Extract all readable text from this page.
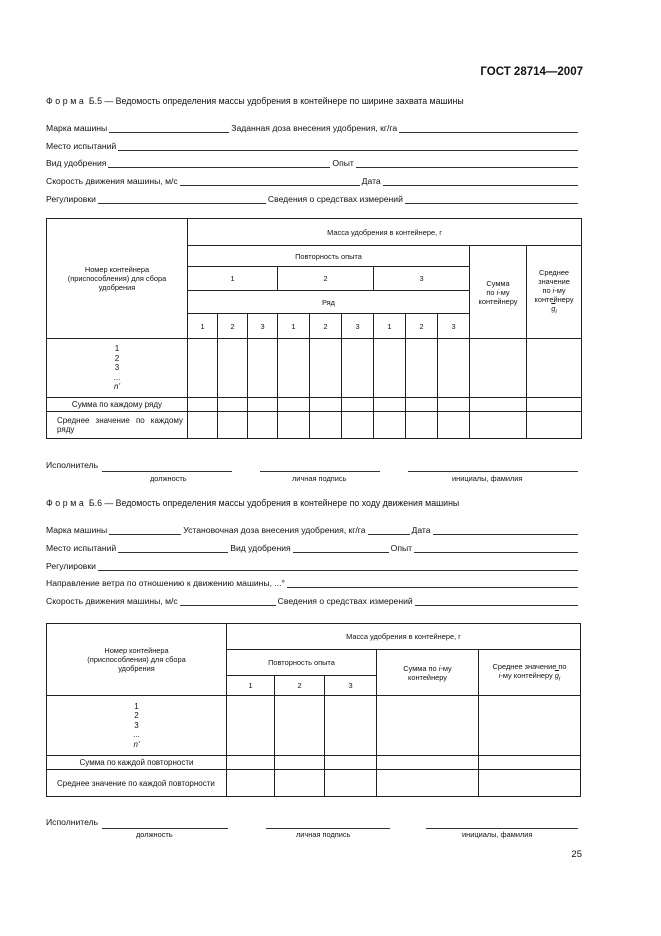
ГОСТ 28714—2007
Форма Б.5 — Ведомость определения массы удобрения в контейнере по ширине захвата машины
Марка машины	Заданная доза внесения удобрения, кг/га
Место испытаний
Вид удобрения	Опыт
Скорость движения машины, м/с	Дата
Регулировки	Сведения о средствах измерений
Номер контейнера (приспособления) для сбора удобрения	Масса удобрения в контейнере, г										
	Повторность опыта									Сумма
по i-му
контейнеру	Среднее
значение
по i-му
контейнеру
$\overline{g}_i$
	1			2			3				
	Ряд										
	1	2	3	1	2	3	1	2	3		

1
2
3
...
n'											

Сумма по каждому ряду											
Среднее значение по каждому ряду											
Исполнитель
должность	личная подпись	инициалы, фамилия
Форма Б.6 — Ведомость определения массы удобрения в контейнере по ходу движения машины
Марка машины	Установочная доза внесения удобрения, кг/га	Дата
Место испытаний	Вид удобрения	Опыт
Регулировки
Направление ветра по отношению к движению машины, ...°
Скорость движения машины, м/с	Сведения о средствах измерений
Номер контейнера (приспособления) для сбора удобрения	Масса удобрения в контейнере, г				
	Повторность опыта			Сумма по i-му
контейнеру	Среднее значение по
i-му контейнеру $\overline{g}_i$
	1	2	3		

1
2
3
...
n'					

Сумма по каждой повторности					
Среднее значение по каждой повторности					
Исполнитель
должность	личная подпись	инициалы, фамилия
25
